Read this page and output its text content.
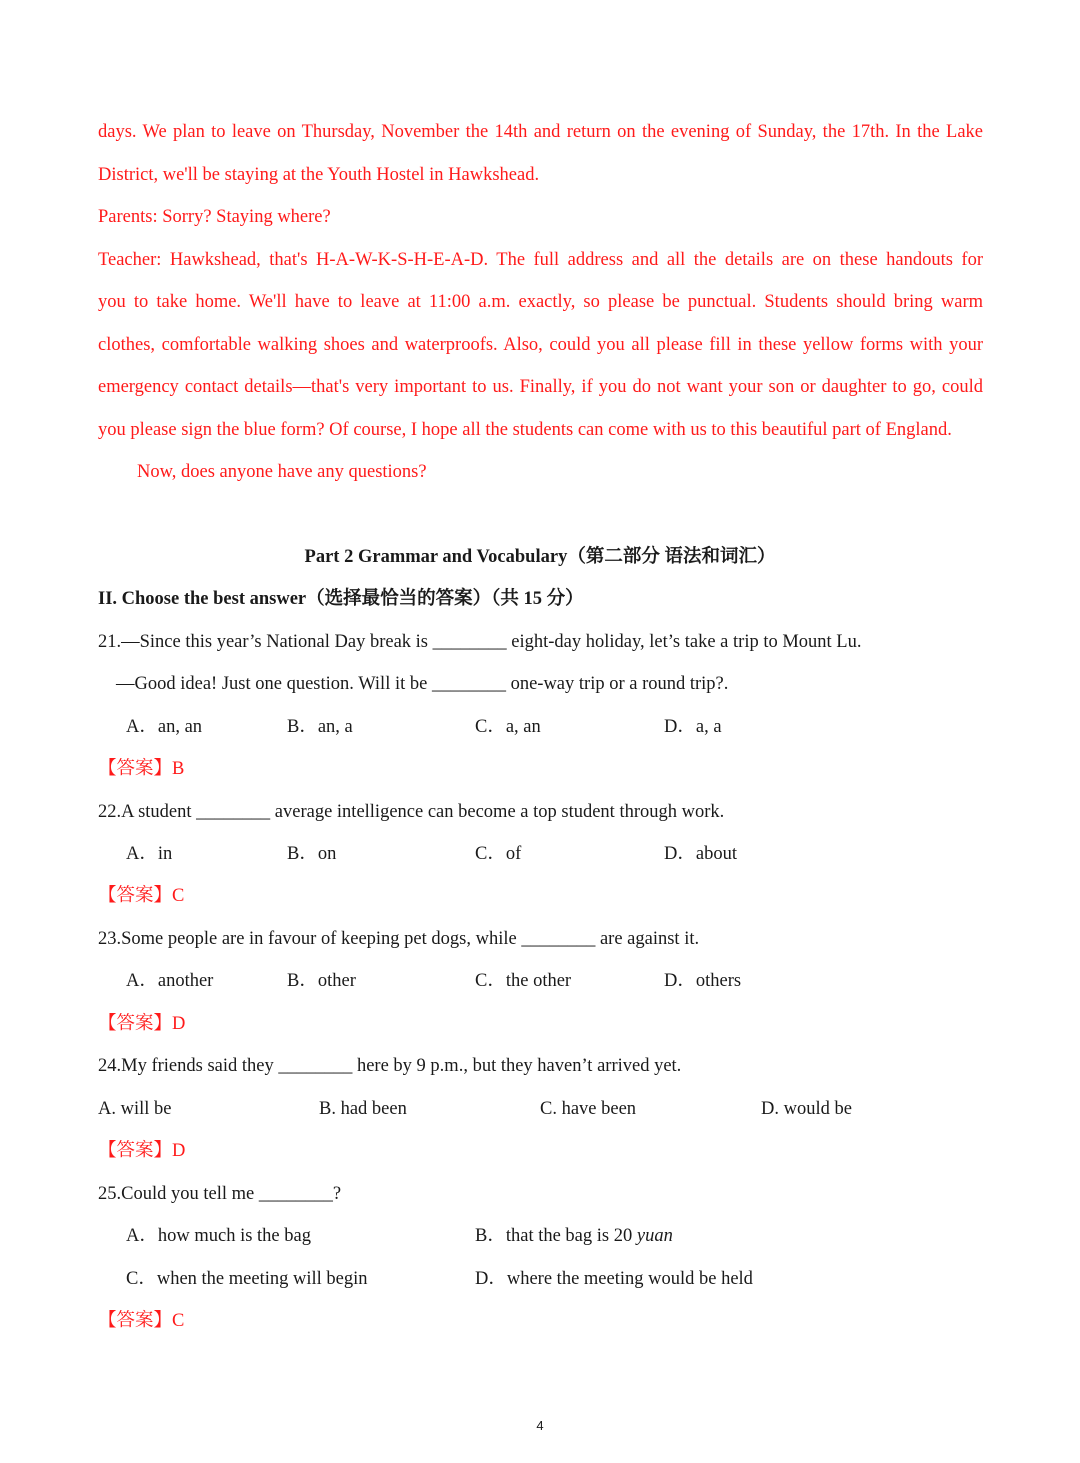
days. We plan to leave on Thursday, November the 14th and return on the evening of Sunday, the 17th. In the Lake
District, we'll be staying at the Youth Hostel in Hawkshead.
Parents: Sorry? Staying where?
Teacher: Hawkshead, that's H-A-W-K-S-H-E-A-D. The full address and all the details are on these handouts for
you to take home. We'll have to leave at 11:00 a.m. exactly, so please be punctual. Students should bring warm
clothes, comfortable walking shoes and waterproofs. Also, could you all please fill in these yellow forms with your
emergency contact details—that's very important to us. Finally, if you do not want your son or daughter to go, could
you please sign the blue form? Of course, I hope all the students can come with us to this beautiful part of England.
Now, does anyone have any questions?
Part 2 Grammar and Vocabulary（第二部分 语法和词汇）
II. Choose the best answer（选择最恰当的答案）（共 15 分）
21.—Since this year’s National Day break is ________ eight-day holiday, let’s take a trip to Mount Lu.
—Good idea! Just one question. Will it be ________ one-way trip or a round trip?.
A．an, an	B．an, a	C．a, an	D．a, a
【答案】B
22.A student ________ average intelligence can become a top student through work.
A．in	B．on	C．of	D．about
【答案】C
23.Some people are in favour of keeping pet dogs, while ________ are against it.
A．another	B．other	C．the other	D．others
【答案】D
24.My friends said they ________ here by 9 p.m., but they haven’t arrived yet.
A. will be	B. had been	C. have been	D. would be
【答案】D
25.Could you tell me ________?
A．how much is the bag	B．that the bag is 20 yuan
C．when the meeting will begin	D．where the meeting would be held
【答案】C
4
